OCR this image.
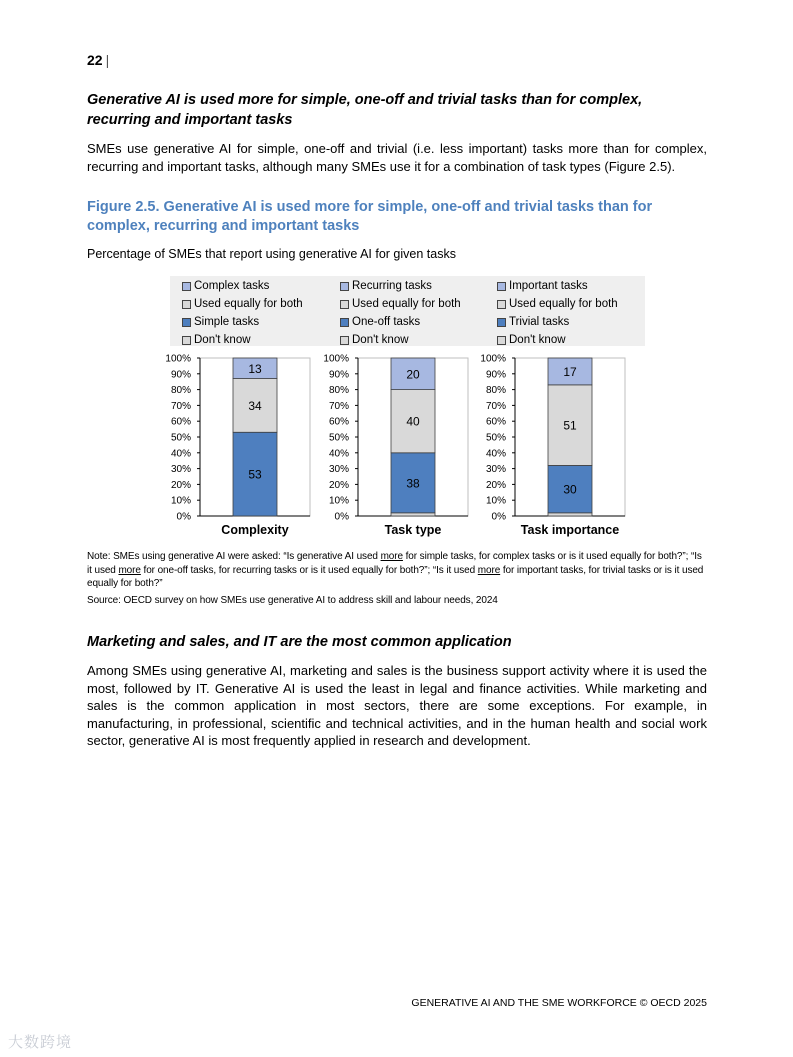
22 |
Generative AI is used more for simple, one-off and trivial tasks than for complex, recurring and important tasks
SMEs use generative AI for simple, one-off and trivial (i.e. less important) tasks more than for complex, recurring and important tasks, although many SMEs use it for a combination of task types (Figure 2.5).
Figure 2.5. Generative AI is used more for simple, one-off and trivial tasks than for complex, recurring and important tasks
Percentage of SMEs that report using generative AI for given tasks
Complex tasks
Used equally for both
Simple tasks
Don't know
0%
10%
20%
30%
40%
50%
60%
70%
80%
90%
100%
53
34
13
Complexity
Recurring tasks
Used equally for both
One-off tasks
Don't know
0%
10%
20%
30%
40%
50%
60%
70%
80%
90%
100%
38
40
20
Task type
Important tasks
Used equally for both
Trivial tasks
Don't know
0%
10%
20%
30%
40%
50%
60%
70%
80%
90%
100%
30
51
17
Task importance
Note: SMEs using generative AI were asked: “Is generative AI used more for simple tasks, for complex tasks or is it used equally for both?”; “Is it used more for one-off tasks, for recurring tasks or is it used equally for both?”; “Is it used more for important tasks, for trivial tasks or is it used equally for both?”
Source: OECD survey on how SMEs use generative AI to address skill and labour needs, 2024
Marketing and sales, and IT are the most common application
Among SMEs using generative AI, marketing and sales is the business support activity where it is used the most, followed by IT. Generative AI is used the least in legal and finance activities. While marketing and sales is the common application in most sectors, there are some exceptions. For example, in manufacturing, in professional, scientific and technical activities, and in the human health and social work sector, generative AI is most frequently applied in research and development.
GENERATIVE AI AND THE SME WORKFORCE © OECD 2025
大数跨境
